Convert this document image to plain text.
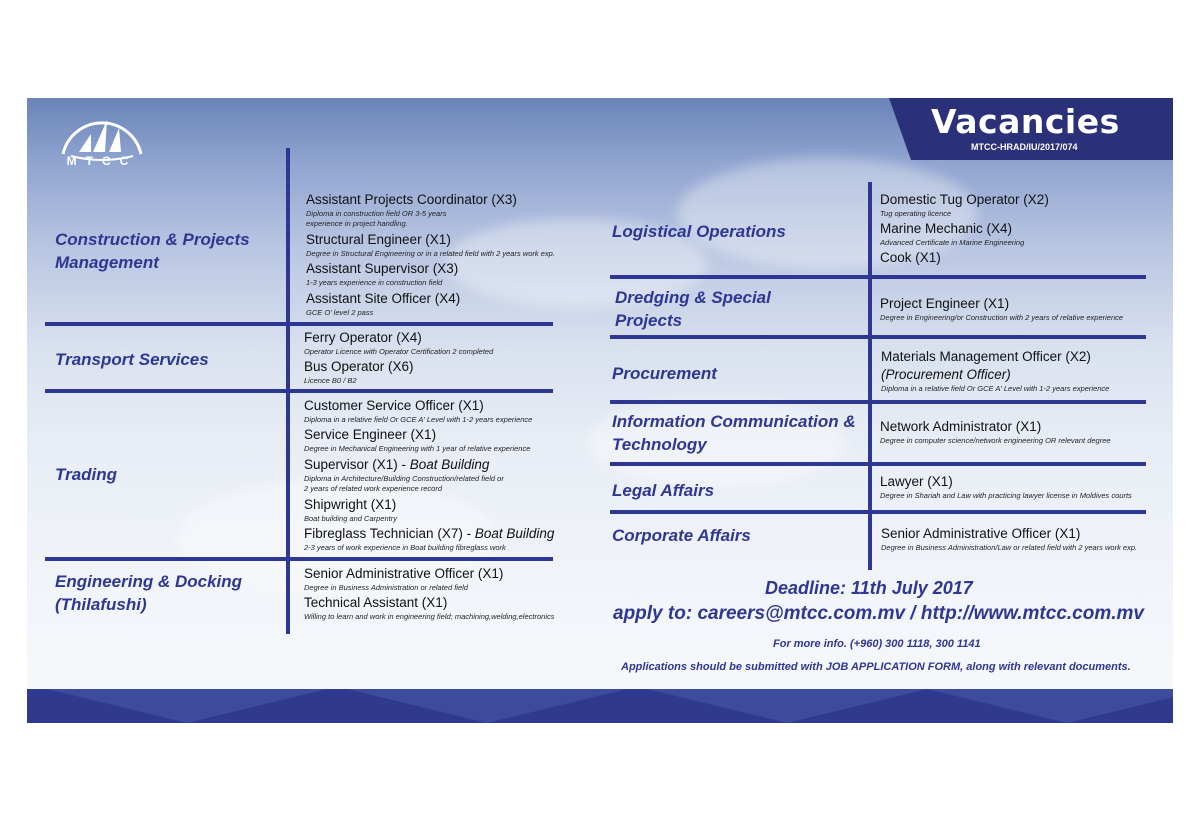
MTCC
Vacancies
MTCC-HRAD/IU/2017/074
Construction & Projects Management
Assistant Projects Coordinator (X3)
Diploma in construction field OR 3-5 years experience in project handling.
Structural Engineer (X1)
Degree in Structural Engineering or in a related field with 2 years work exp.
Assistant Supervisor (X3)
1-3 years experience in construction field
Assistant Site Officer (X4)
GCE O' level 2 pass
Transport Services
Ferry Operator (X4)
Operator Licence with Operator Certification 2 completed
Bus Operator (X6)
Licence B0 / B2
Trading
Customer Service Officer (X1)
Diploma in a relative field Or GCE A' Level with 1-2 years experience
Service Engineer (X1)
Degree in Mechanical Engineering with 1 year of relative experience
Supervisor (X1) - Boat Building
Diploma in Architecture/Building Construction/related field or
2 years of related work experience record
Shipwright (X1)
Boat building and Carpentry
Fibreglass Technician (X7) - Boat Building
2-3 years of work experience in Boat building fibreglass work
Engineering & Docking (Thilafushi)
Senior Administrative Officer (X1)
Degree in Business Administration or related field
Technical Assistant (X1)
Willing to learn and work in engineering field; machining,welding,electronics
Logistical Operations
Domestic Tug Operator (X2)
Tug operating licence
Marine Mechanic (X4)
Advanced Certificate in Marine Engineering
Cook (X1)
Dredging & Special Projects
Project Engineer (X1)
Degree in Engineering/or Construction with 2 years of relative experience
Procurement
Materials Management Officer (X2)
(Procurement Officer)
Diploma in a relative field Or GCE A' Level with 1-2 years experience
Information Communication & Technology
Network Administrator (X1)
Degree in computer science/network engineering OR relevant degree
Legal Affairs	Lawyer (X1)
Degree in Shariah and Law with practicing lawyer license in Moldives courts
Corporate Affairs	Senior Administrative Officer (X1)
Degree in Business Administration/Law or related field with 2 years work exp.
Deadline: 11th July 2017
apply to: careers@mtcc.com.mv / http://www.mtcc.com.mv
For more info. (+960) 300 1118, 300 1141
Applications should be submitted with JOB APPLICATION FORM, along with relevant documents.
